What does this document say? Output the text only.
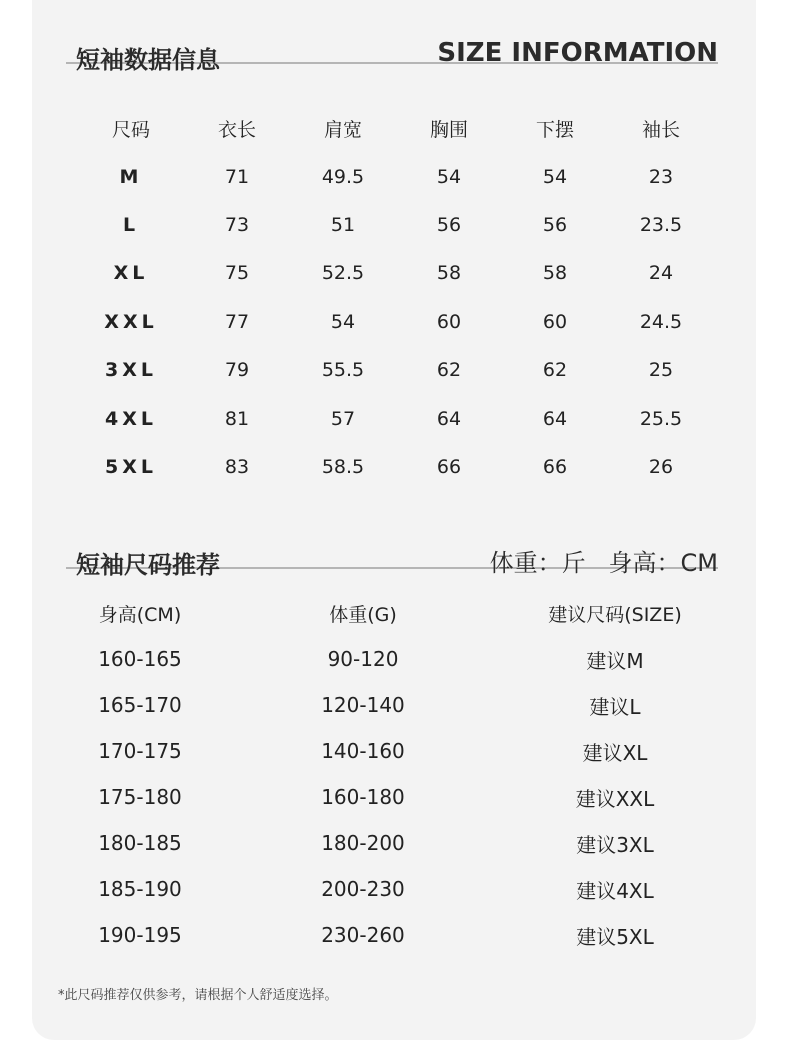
短袖数据信息	SIZE INFORMATION
尺码	衣长	肩宽	胸围	下摆	袖长
M	71	49.5	54	54	23
L	73	51	56	56	23.5
XL	75	52.5	58	58	24
XXL	77	54	60	60	24.5
3XL	79	55.5	62	62	25
4XL	81	57	64	64	25.5
5XL	83	58.5	66	66	26
短袖尺码推荐	体重：斤   身高：CM
身高(CM)	体重(G)	建议尺码(SIZE)
160-165	90-120	建议M
165-170	120-140	建议L
170-175	140-160	建议XL
175-180	160-180	建议XXL
180-185	180-200	建议3XL
185-190	200-230	建议4XL
190-195	230-260	建议5XL
*此尺码推荐仅供参考，请根据个人舒适度选择。
